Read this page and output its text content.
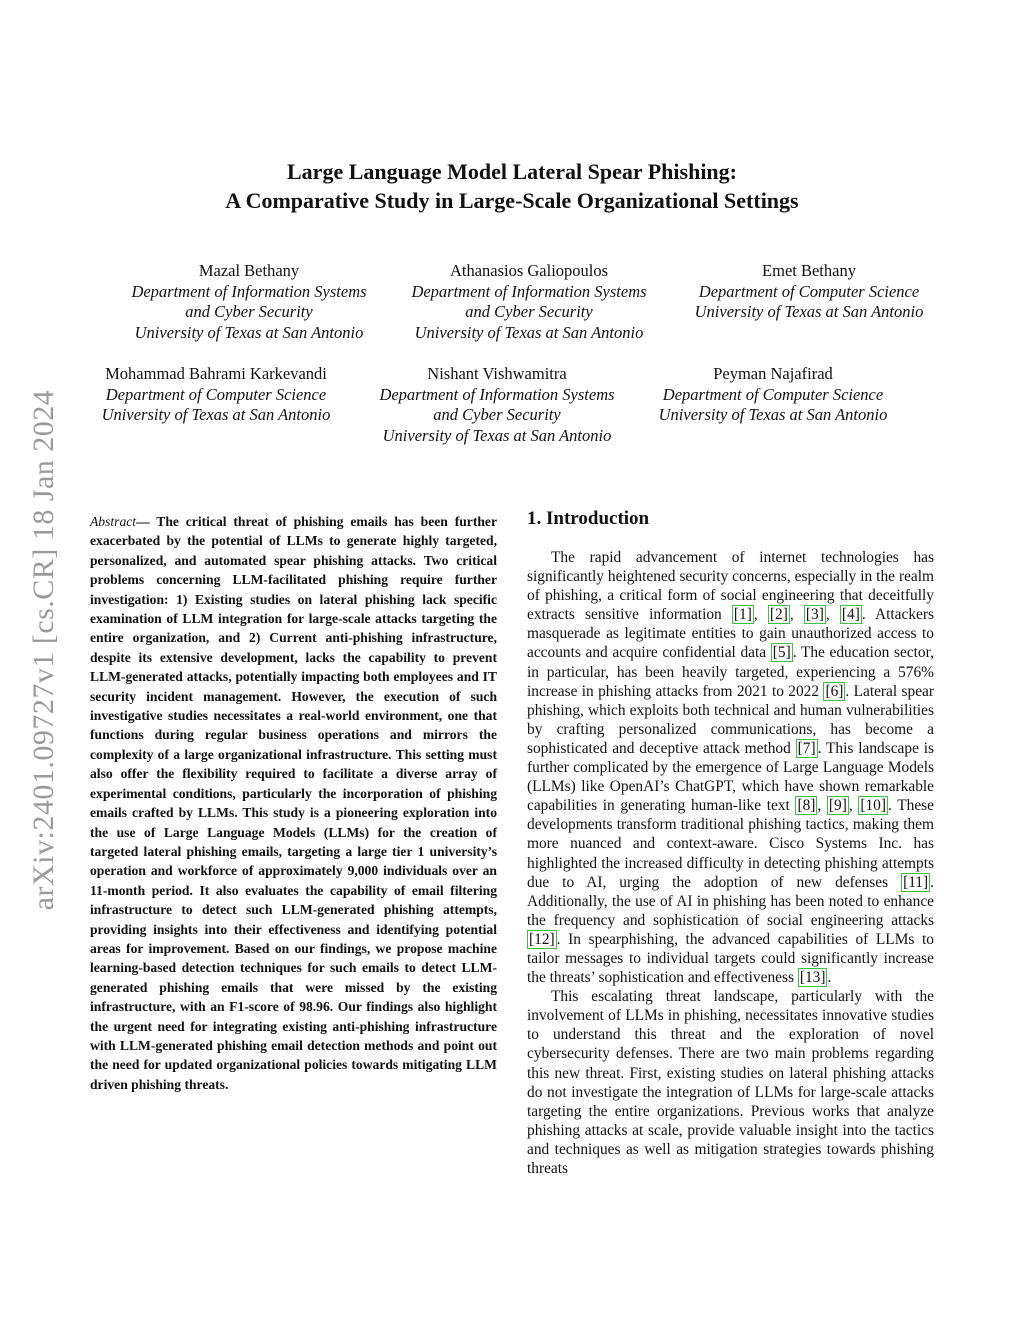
arXiv:2401.09727v1 [cs.CR] 18 Jan 2024
Large Language Model Lateral Spear Phishing:
A Comparative Study in Large-Scale Organizational Settings
Mazal Bethany
Department of Information Systems
and Cyber Security
University of Texas at San Antonio
Athanasios Galiopoulos
Department of Information Systems
and Cyber Security
University of Texas at San Antonio
Emet Bethany
Department of Computer Science
University of Texas at San Antonio
Mohammad Bahrami Karkevandi
Department of Computer Science
University of Texas at San Antonio
Nishant Vishwamitra
Department of Information Systems
and Cyber Security
University of Texas at San Antonio
Peyman Najafirad
Department of Computer Science
University of Texas at San Antonio
Abstract— The critical threat of phishing emails has been further exacerbated by the potential of LLMs to generate highly targeted, personalized, and automated spear phishing attacks. Two critical problems concerning LLM-facilitated phishing require further investigation: 1) Existing studies on lateral phishing lack specific examination of LLM integration for large-scale attacks targeting the entire organization, and 2) Current anti-phishing infrastructure, despite its extensive development, lacks the capability to prevent LLM-generated attacks, potentially impacting both employees and IT security incident management. However, the execution of such investigative studies necessitates a real-world environment, one that functions during regular business operations and mirrors the complexity of a large organizational infrastructure. This setting must also offer the flexibility required to facilitate a diverse array of experimental conditions, particularly the incorporation of phishing emails crafted by LLMs. This study is a pioneering exploration into the use of Large Language Models (LLMs) for the creation of targeted lateral phishing emails, targeting a large tier 1 university’s operation and workforce of approximately 9,000 individuals over an 11-month period. It also evaluates the capability of email filtering infrastructure to detect such LLM-generated phishing attempts, providing insights into their effectiveness and identifying potential areas for improvement. Based on our findings, we propose machine learning-based detection techniques for such emails to detect LLM-generated phishing emails that were missed by the existing infrastructure, with an F1-score of 98.96. Our findings also highlight the urgent need for integrating existing anti-phishing infrastructure with LLM-generated phishing email detection methods and point out the need for updated organizational policies towards mitigating LLM driven phishing threats.
1. Introduction

The rapid advancement of internet technologies has significantly heightened security concerns, especially in the realm of phishing, a critical form of social engineering that deceitfully extracts sensitive information [1] , [2] , [3] , [4] . Attackers masquerade as legitimate entities to gain unauthorized access to accounts and acquire confidential data [5] . The education sector, in particular, has been heavily targeted, experiencing a 576% increase in phishing attacks from 2021 to 2022 [6] . Lateral spear phishing, which exploits both technical and human vulnerabilities by crafting personalized communications, has become a sophisticated and deceptive attack method [7] . This landscape is further complicated by the emergence of Large Language Models (LLMs) like OpenAI’s ChatGPT, which have shown remarkable capabilities in generating human-like text [8] , [9] , [10] . These developments transform traditional phishing tactics, making them more nuanced and context-aware. Cisco Systems Inc. has highlighted the increased difficulty in detecting phishing attempts due to AI, urging the adoption of new defenses [11] . Additionally, the use of AI in phishing has been noted to enhance the frequency and sophistication of social engineering attacks [12] . In spearphishing, the advanced capabilities of LLMs to tailor messages to individual targets could significantly increase the threats’ sophistication and effectiveness [13] .

This escalating threat landscape, particularly with the involvement of LLMs in phishing, necessitates innovative studies to understand this threat and the exploration of novel cybersecurity defenses. There are two main problems regarding this new threat. First, existing studies on lateral phishing attacks do not investigate the integration of LLMs for large-scale attacks targeting the entire organizations. Previous works that analyze phishing attacks at scale, provide valuable insight into the tactics and techniques as well as mitigation strategies towards phishing threats
